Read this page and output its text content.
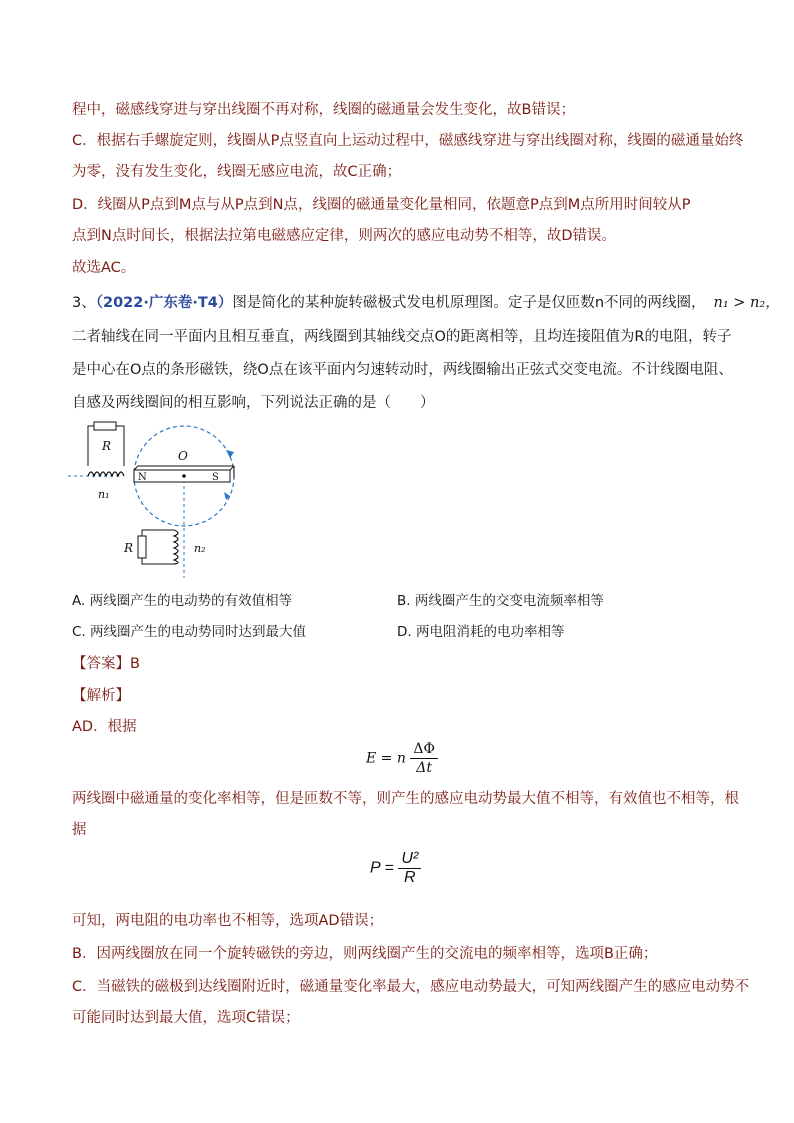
程中，磁感线穿进与穿出线圈不再对称，线圈的磁通量会发生变化，故B错误；
C．根据右手螺旋定则，线圈从P点竖直向上运动过程中，磁感线穿进与穿出线圈对称，线圈的磁通量始终
为零，没有发生变化，线圈无感应电流，故C正确；
D．线圈从P点到M点与从P点到N点，线圈的磁通量变化量相同，依题意P点到M点所用时间较从P
点到N点时间长，根据法拉第电磁感应定律，则两次的感应电动势不相等，故D错误。
故选AC。
3、（2022·广东卷·T4）图是简化的某种旋转磁极式发电机原理图。定子是仅匝数n不同的两线圈， n₁ > n₂，
二者轴线在同一平面内且相互垂直，两线圈到其轴线交点O的距离相等，且均连接阻值为R的电阻，转子
是中心在O点的条形磁铁，绕O点在该平面内匀速转动时，两线圈输出正弦式交变电流。不计线圈电阻、
自感及两线圈间的相互影响，下列说法正确的是（　　）
R
n₁
O
N	S
R	n₂
A. 两线圈产生的电动势的有效值相等	B. 两线圈产生的交变电流频率相等
C. 两线圈产生的电动势同时达到最大值	D. 两电阻消耗的电功率相等
【答案】B
【解析】
AD．根据
E = n $\frac{\Delta\Phi}{\Delta t}$
两线圈中磁通量的变化率相等，但是匝数不等，则产生的感应电动势最大值不相等，有效值也不相等，根
据
$P = \frac{\text{U²}}{R}$
可知，两电阻的电功率也不相等，选项AD错误；
B．因两线圈放在同一个旋转磁铁的旁边，则两线圈产生的交流电的频率相等，选项B正确；
C．当磁铁的磁极到达线圈附近时，磁通量变化率最大，感应电动势最大，可知两线圈产生的感应电动势不
可能同时达到最大值，选项C错误；
